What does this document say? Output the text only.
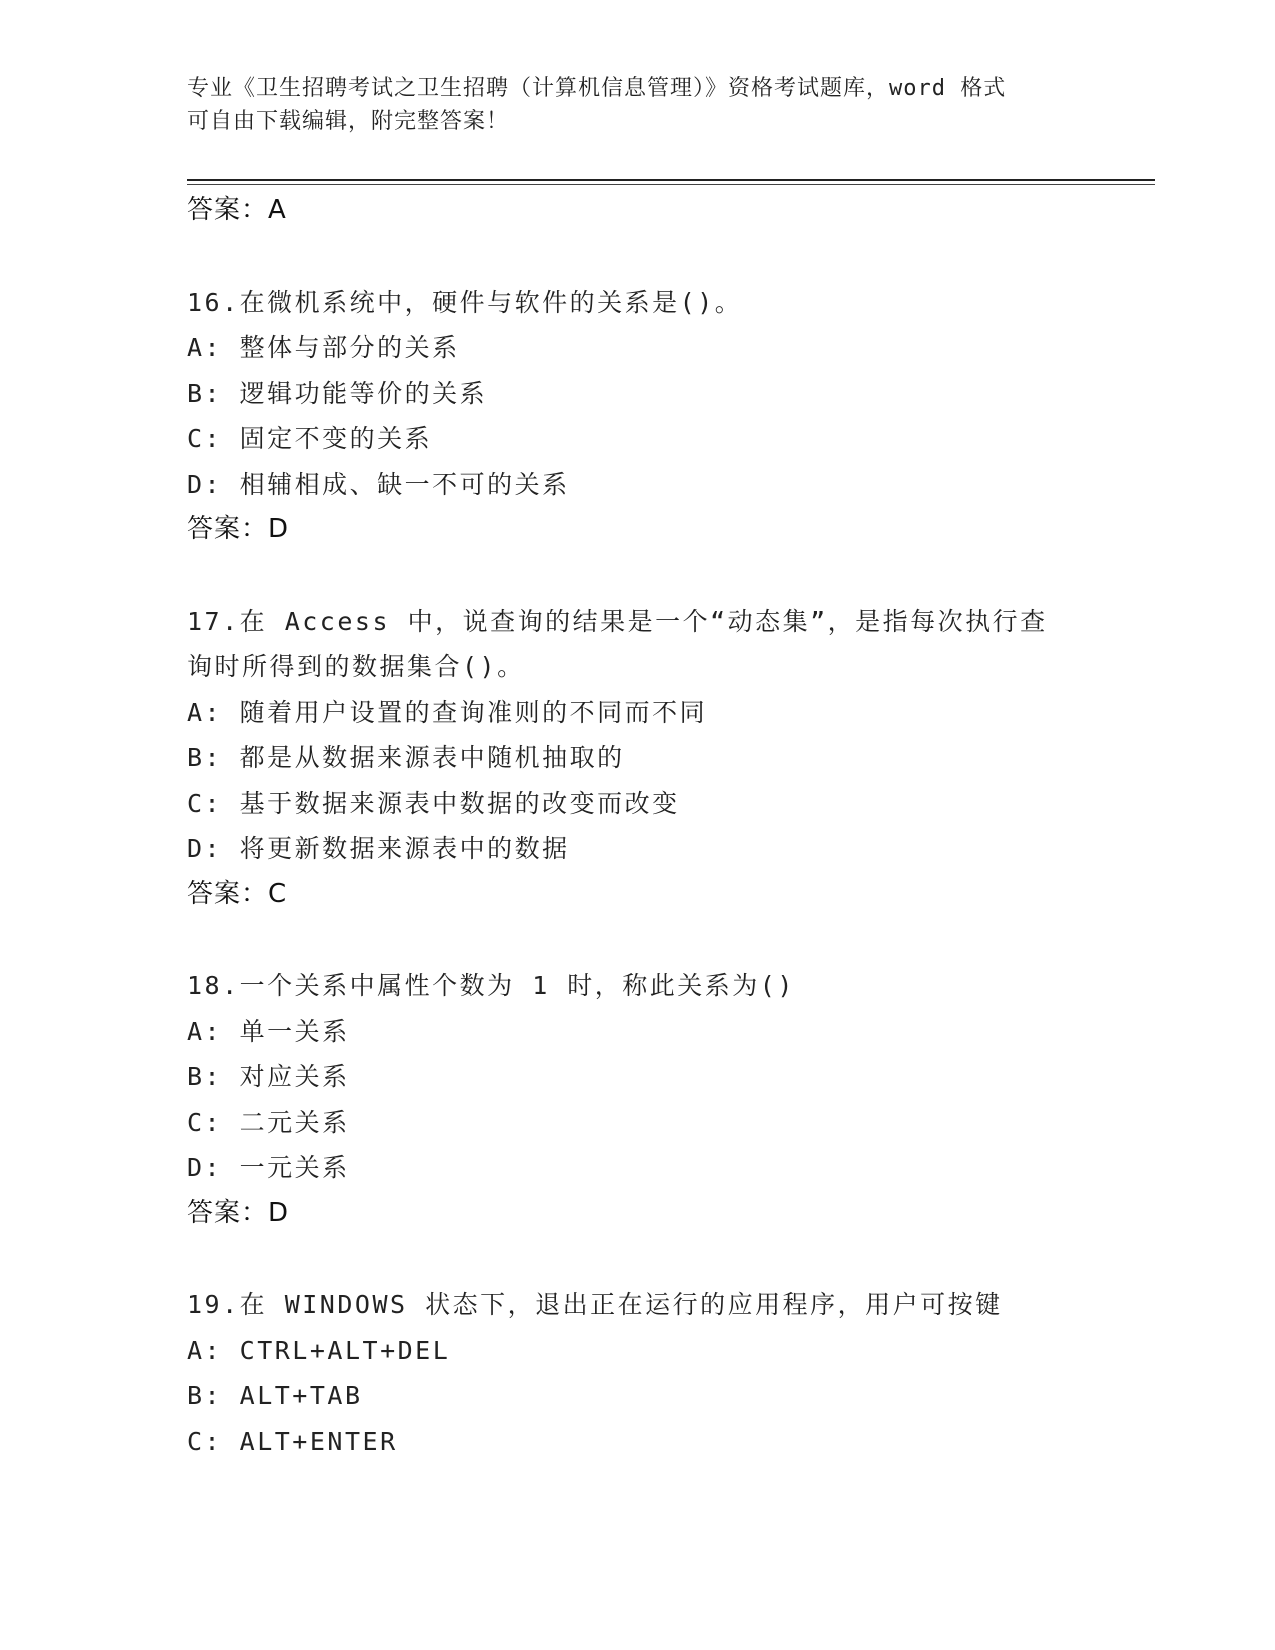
专业《卫生招聘考试之卫生招聘（计算机信息管理）》资格考试题库，word 格式
可自由下载编辑，附完整答案！
答案：A
16.在微机系统中，硬件与软件的关系是()。
A: 整体与部分的关系
B: 逻辑功能等价的关系
C: 固定不变的关系
D: 相辅相成、缺一不可的关系
答案：D
17.在 Access 中，说查询的结果是一个“动态集”，是指每次执行查
询时所得到的数据集合()。
A: 随着用户设置的查询准则的不同而不同
B: 都是从数据来源表中随机抽取的
C: 基于数据来源表中数据的改变而改变
D: 将更新数据来源表中的数据
答案：C
18.一个关系中属性个数为 1 时，称此关系为()
A: 单一关系
B: 对应关系
C: 二元关系
D: 一元关系
答案：D
19.在 WINDOWS 状态下，退出正在运行的应用程序，用户可按键
A: CTRL+ALT+DEL
B: ALT+TAB
C: ALT+ENTER
